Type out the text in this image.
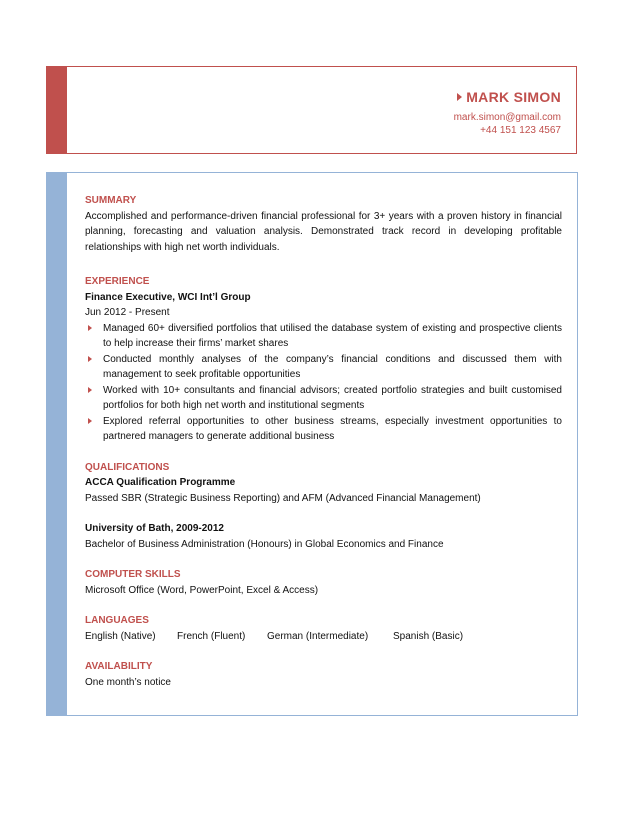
MARK SIMON
mark.simon@gmail.com
+44 151 123 4567

SUMMARY

Accomplished and performance-driven financial professional for 3+ years with a proven history in financial planning, forecasting and valuation analysis. Demonstrated track record in developing profitable relationships with high net worth individuals.

EXPERIENCE

Finance Executive, WCI Int’l Group

Jun 2012 - Present

Managed 60+ diversified portfolios that utilised the database system of existing and prospective clients to help increase their firms’ market shares
Conducted monthly analyses of the company’s financial conditions and discussed them with management to seek profitable opportunities
Worked with 10+ consultants and financial advisors; created portfolio strategies and built customised portfolios for both high net worth and institutional segments
Explored referral opportunities to other business streams, especially investment opportunities to partnered managers to generate additional business

QUALIFICATIONS

ACCA Qualification Programme

Passed SBR (Strategic Business Reporting) and AFM (Advanced Financial Management)

University of Bath, 2009-2012

Bachelor of Business Administration (Honours) in Global Economics and Finance

COMPUTER SKILLS

Microsoft Office (Word, PowerPoint, Excel & Access)

LANGUAGES

English (Native)	French (Fluent)	German (Intermediate)	Spanish (Basic)

AVAILABILITY

One month’s notice
